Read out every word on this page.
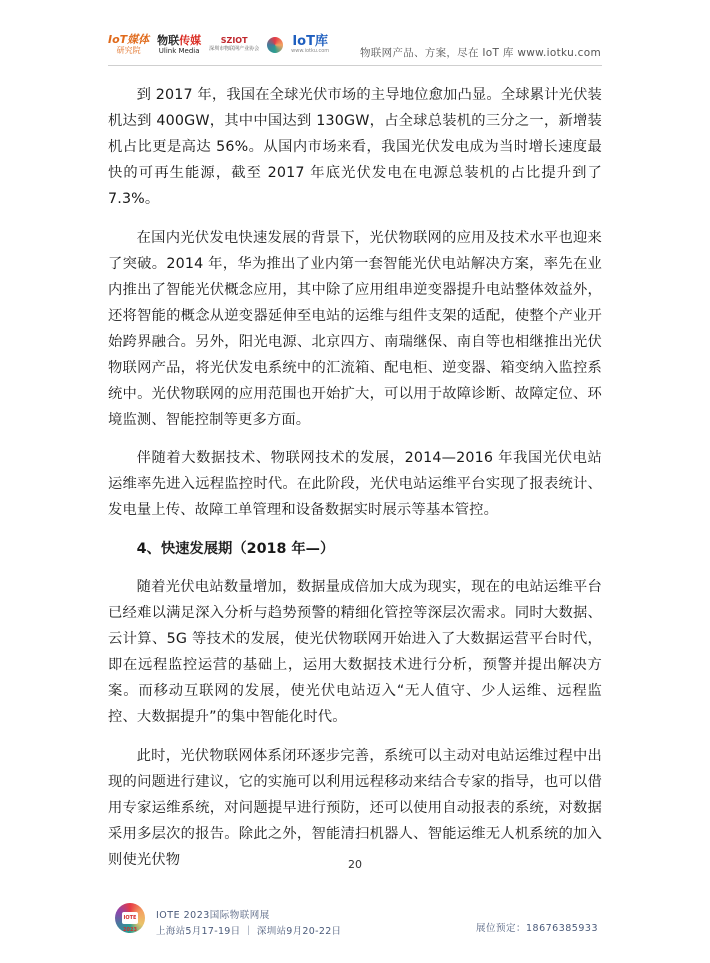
IoT媒体
研究院
物联传媒
Ulink Media
SZIOT
深圳市物联网产业协会	IoT库
www.iotku.com	物联网产品、方案，尽在 IoT 库 www.iotku.com

到 2017 年，我国在全球光伏市场的主导地位愈加凸显。全球累计光伏装机达到 400GW，其中中国达到 130GW，占全球总装机的三分之一，新增装机占比更是高达 56%。从国内市场来看，我国光伏发电成为当时增长速度最快的可再生能源，截至 2017 年底光伏发电在电源总装机的占比提升到了 7.3%。

在国内光伏发电快速发展的背景下，光伏物联网的应用及技术水平也迎来了突破。2014 年，华为推出了业内第一套智能光伏电站解决方案，率先在业内推出了智能光伏概念应用，其中除了应用组串逆变器提升电站整体效益外，还将智能的概念从逆变器延伸至电站的运维与组件支架的适配，使整个产业开始跨界融合。另外，阳光电源、北京四方、南瑞继保、南自等也相继推出光伏物联网产品，将光伏发电系统中的汇流箱、配电柜、逆变器、箱变纳入监控系统中。光伏物联网的应用范围也开始扩大，可以用于故障诊断、故障定位、环境监测、智能控制等更多方面。

伴随着大数据技术、物联网技术的发展，2014—2016 年我国光伏电站运维率先进入远程监控时代。在此阶段，光伏电站运维平台实现了报表统计、发电量上传、故障工单管理和设备数据实时展示等基本管控。

4、快速发展期（2018 年—）

随着光伏电站数量增加，数据量成倍加大成为现实，现在的电站运维平台已经难以满足深入分析与趋势预警的精细化管控等深层次需求。同时大数据、云计算、5G 等技术的发展，使光伏物联网开始进入了大数据运营平台时代，即在远程监控运营的基础上，运用大数据技术进行分析，预警并提出解决方案。而移动互联网的发展，使光伏电站迈入“无人值守、少人运维、远程监控、大数据提升”的集中智能化时代。

此时，光伏物联网体系闭环逐步完善，系统可以主动对电站运维过程中出现的问题进行建议，它的实施可以利用远程移动来结合专家的指导，也可以借用专家运维系统，对问题提早进行预防，还可以使用自动报表的系统，对数据采用多层次的报告。除此之外，智能清扫机器人、智能运维无人机系统的加入则使光伏物	20
IOTE 2023
IOTE 2023国际物联网展
上海站5月17-19日 ｜ 深圳站9月20-22日	展位预定：18676385933
